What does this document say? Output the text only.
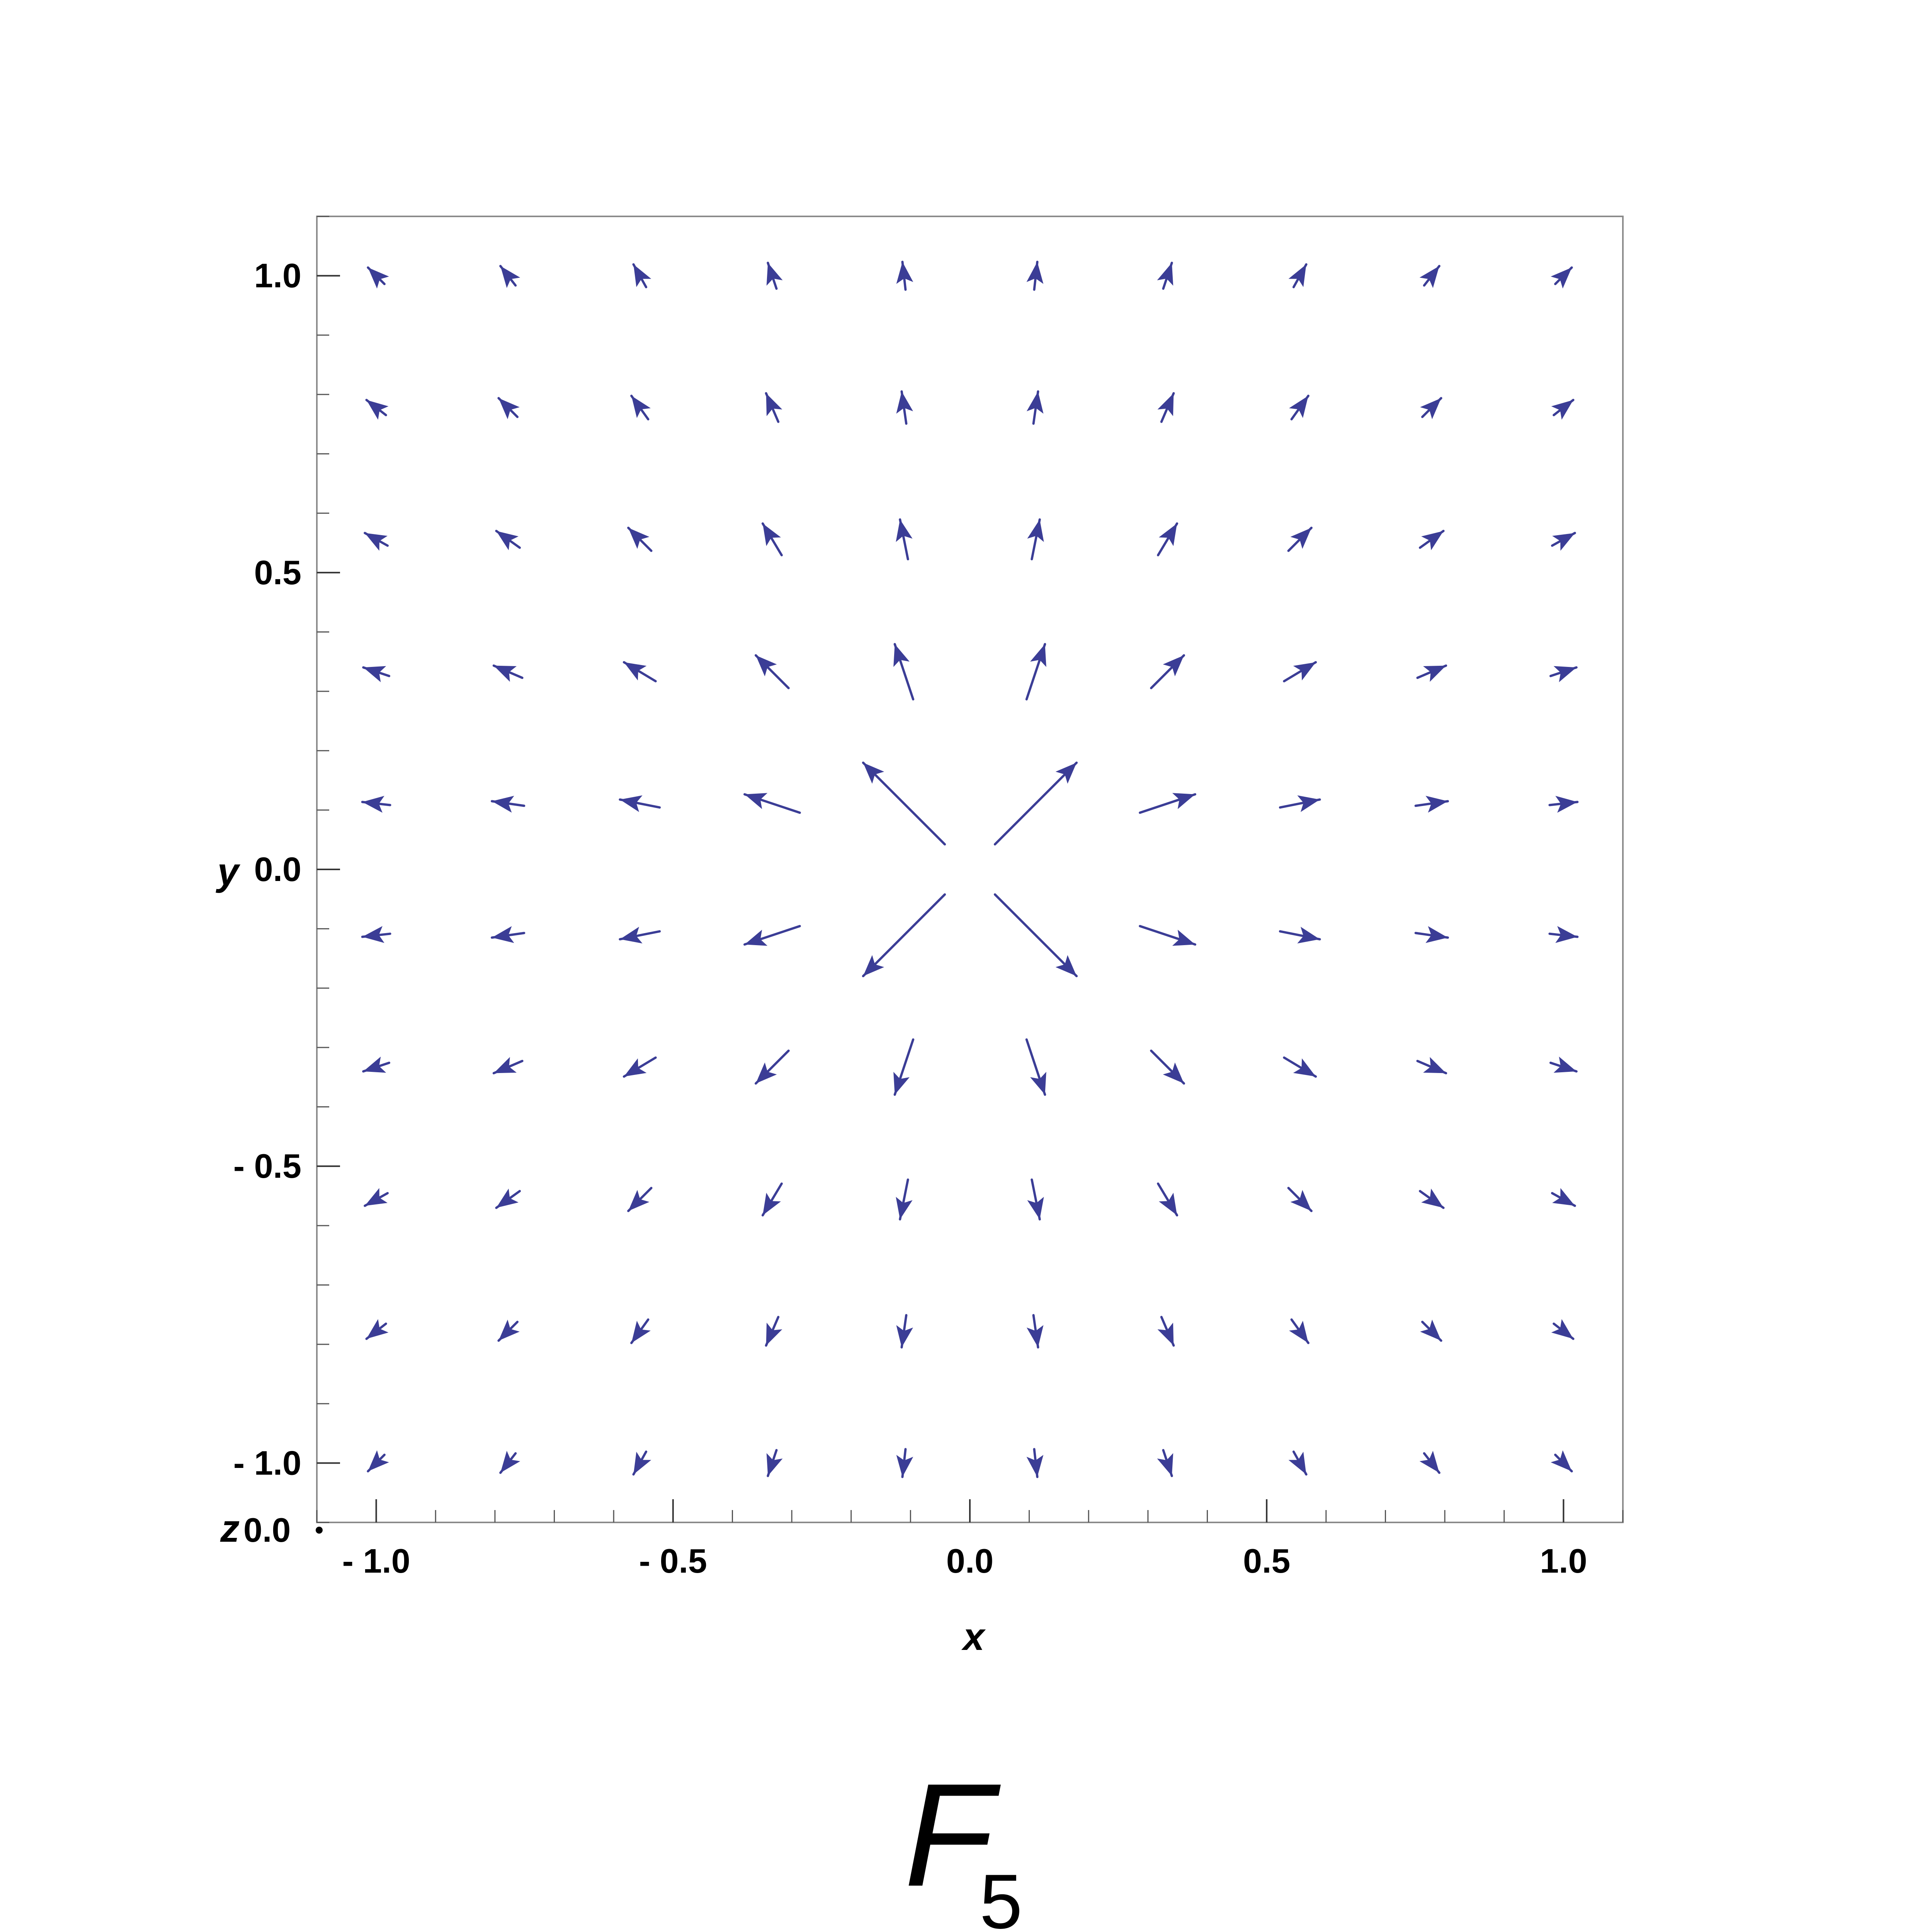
1.0
0.5
0.0
- 0.5
- 1.0
- 1.0	- 0.5	0.0	0.5	1.0
y
x
z 0.0
F
5
